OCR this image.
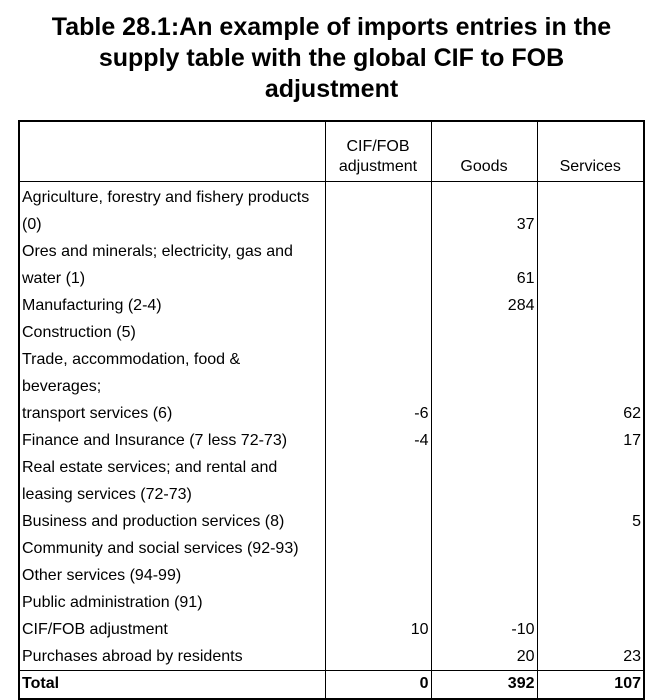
Table 28.1:An example of imports entries in the
supply table with the global CIF to FOB
adjustment
	CIF/FOB
adjustment	Goods	Services
Agriculture, forestry and fishery products
(0)		37	
Ores and minerals; electricity, gas and
water (1)		61	
Manufacturing (2-4)		284	
Construction (5)			
Trade, accommodation, food & beverages;
transport services (6)	-6		62
Finance and Insurance (7 less 72-73)	-4		17
Real estate services; and rental and
leasing services (72-73)			
Business and production services (8)			5
Community and social services (92-93)			
Other services (94-99)			
Public administration (91)			
CIF/FOB adjustment	10	-10	
Purchases abroad by residents		20	23
Total	0	392	107
